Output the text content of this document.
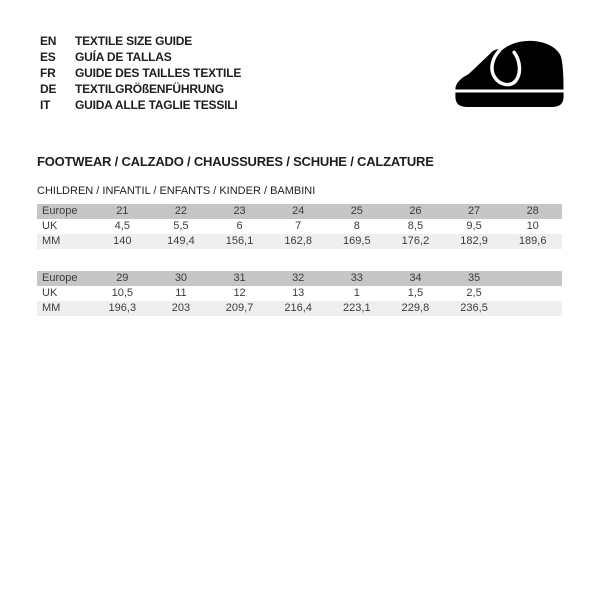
EN	TEXTILE SIZE GUIDE
ES	GUÍA DE TALLAS
FR	GUIDE DES TAILLES TEXTILE
DE	TEXTILGRÖßENFÜHRUNG
IT	GUIDA ALLE TAGLIE TESSILI
FOOTWEAR / CALZADO / CHAUSSURES / SCHUHE / CALZATURE
CHILDREN / INFANTIL / ENFANTS / KINDER / BAMBINI
Europe	21	22	23	24	25	26	27	28
UK	4,5	5,5	6	7	8	8,5	9,5	10
MM	140	149,4	156,1	162,8	169,5	176,2	182,9	189,6
Europe	29	30	31	32	33	34	35
UK	10,5	11	12	13	1	1,5	2,5
MM	196,3	203	209,7	216,4	223,1	229,8	236,5
